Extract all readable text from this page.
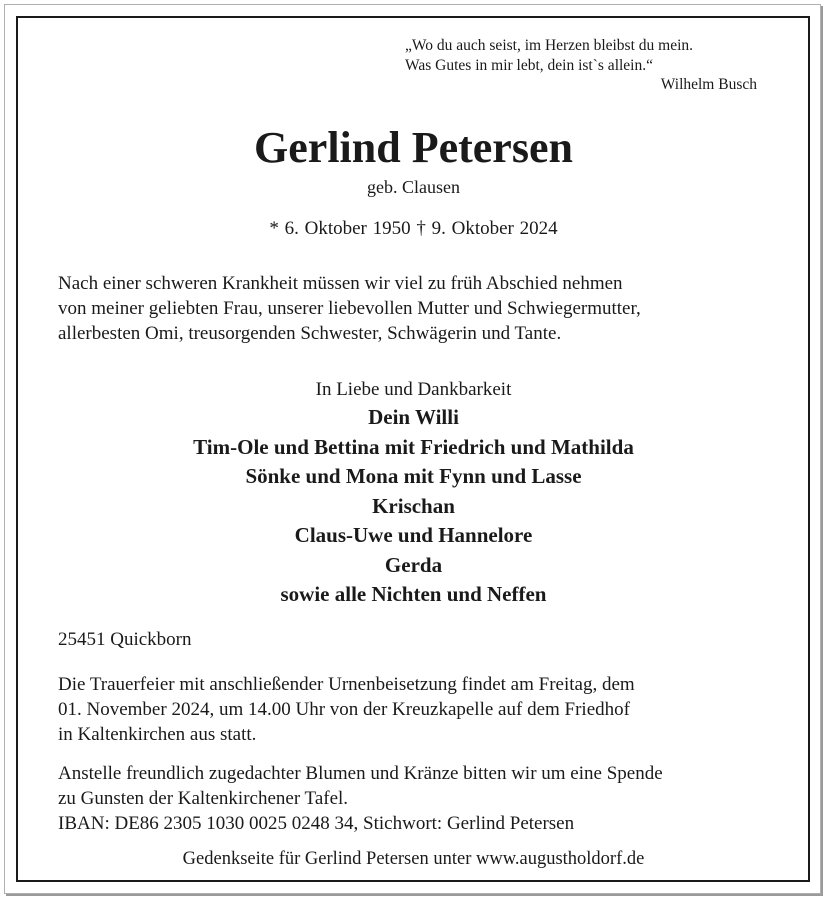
„Wo du auch seist, im Herzen bleibst du mein.
Was Gutes in mir lebt, dein ist`s allein.“
Wilhelm Busch
Gerlind Petersen
geb. Clausen
* 6. Oktober 1950 † 9. Oktober 2024
Nach einer schweren Krankheit müssen wir viel zu früh Abschied nehmen
von meiner geliebten Frau, unserer liebevollen Mutter und Schwiegermutter,
allerbesten Omi, treusorgenden Schwester, Schwägerin und Tante.
In Liebe und Dankbarkeit
Dein Willi
Tim-Ole und Bettina mit Friedrich und Mathilda
Sönke und Mona mit Fynn und Lasse
Krischan
Claus-Uwe und Hannelore
Gerda
sowie alle Nichten und Neffen
25451 Quickborn
Die Trauerfeier mit anschließender Urnenbeisetzung findet am Freitag, dem
01. November 2024, um 14.00 Uhr von der Kreuzkapelle auf dem Friedhof
in Kaltenkirchen aus statt.
Anstelle freundlich zugedachter Blumen und Kränze bitten wir um eine Spende
zu Gunsten der Kaltenkirchener Tafel.
IBAN: DE86 2305 1030 0025 0248 34, Stichwort: Gerlind Petersen
Gedenkseite für Gerlind Petersen unter www.augustholdorf.de
